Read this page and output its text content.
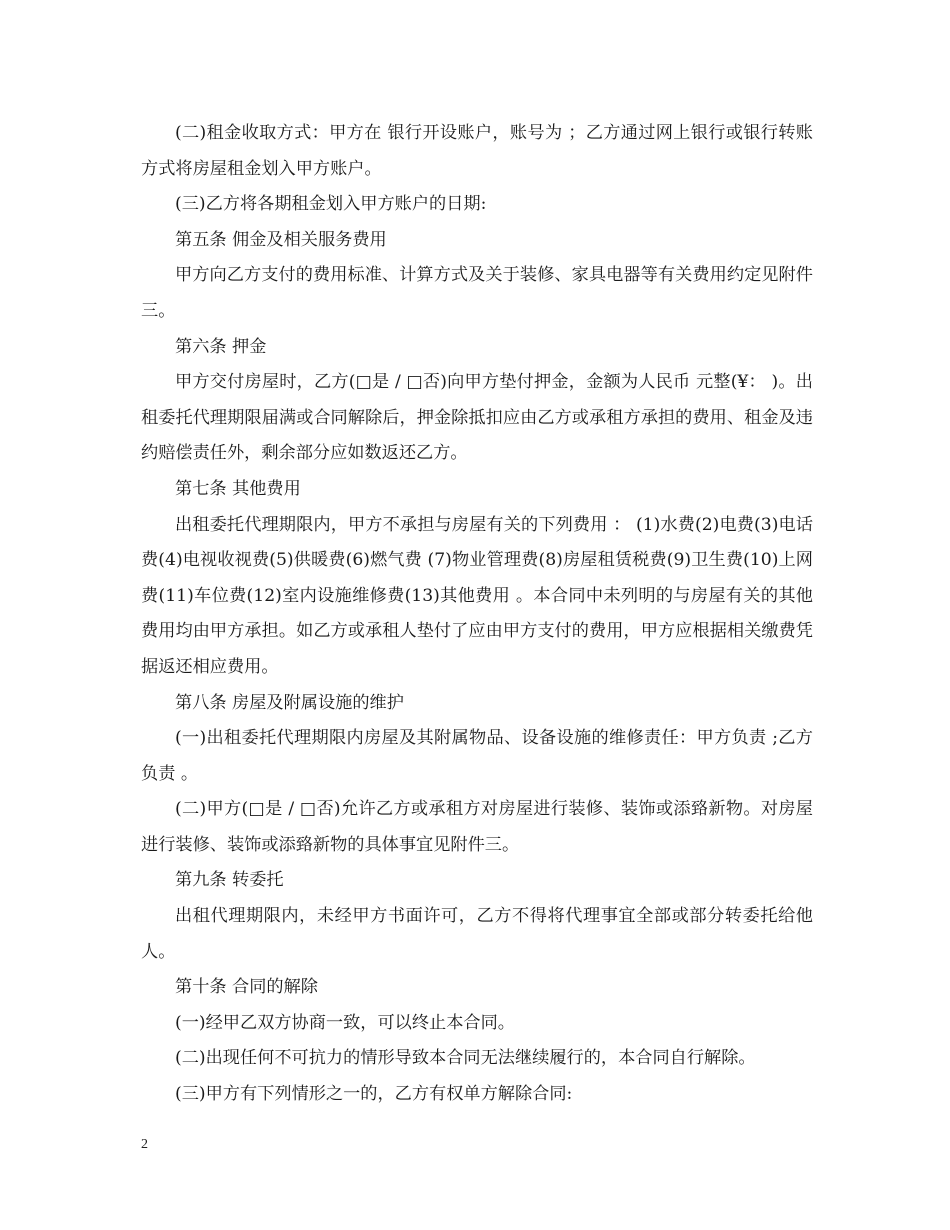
(二)租金收取方式：甲方在 银行开设账户，账号为 ；乙方通过网上银行或银行转账方式将房屋租金划入甲方账户。

(三)乙方将各期租金划入甲方账户的日期:

第五条 佣金及相关服务费用

甲方向乙方支付的费用标准、计算方式及关于装修、家具电器等有关费用约定见附件三。

第六条 押金

甲方交付房屋时，乙方(□是 / □否)向甲方垫付押金，金额为人民币 元整(¥： )。出租委托代理期限届满或合同解除后，押金除抵扣应由乙方或承租方承担的费用、租金及违约赔偿责任外，剩余部分应如数返还乙方。

第七条 其他费用

出租委托代理期限内，甲方不承担与房屋有关的下列费用 ： (1)水费(2)电费(3)电话费(4)电视收视费(5)供暖费(6)燃气费 (7)物业管理费(8)房屋租赁税费(9)卫生费(10)上网费(11)车位费(12)室内设施维修费(13)其他费用 。本合同中未列明的与房屋有关的其他费用均由甲方承担。如乙方或承租人垫付了应由甲方支付的费用，甲方应根据相关缴费凭据返还相应费用。

第八条 房屋及附属设施的维护

(一)出租委托代理期限内房屋及其附属物品、设备设施的维修责任：甲方负责 ;乙方负责 。

(二)甲方(□是 / □否)允许乙方或承租方对房屋进行装修、装饰或添臵新物。对房屋进行装修、装饰或添臵新物的具体事宜见附件三。

第九条 转委托

出租代理期限内，未经甲方书面许可，乙方不得将代理事宜全部或部分转委托给他人。

第十条 合同的解除

(一)经甲乙双方协商一致，可以终止本合同。

(二)出现任何不可抗力的情形导致本合同无法继续履行的，本合同自行解除。

(三)甲方有下列情形之一的，乙方有权单方解除合同:

2
